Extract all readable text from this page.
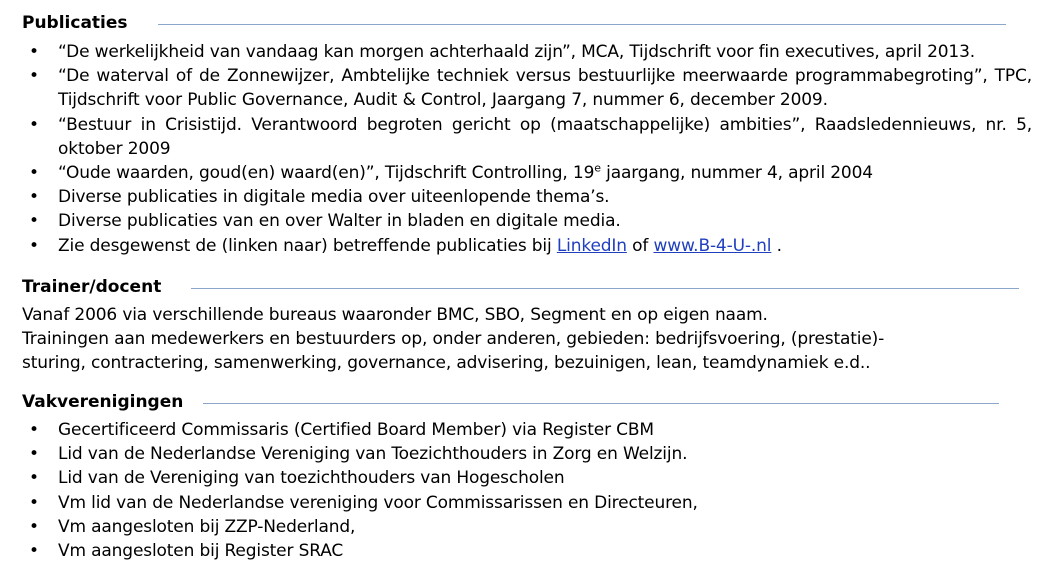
Publicaties
• “De werkelijkheid van vandaag kan morgen achterhaald zijn”, MCA, Tijdschrift voor fin executives, april 2013.
• “De waterval of de Zonnewijzer, Ambtelijke techniek versus bestuurlijke meerwaarde programmabegroting”, TPC, Tijdschrift voor Public Governance, Audit & Control, Jaargang 7, nummer 6, december 2009.
• “Bestuur in Crisistijd. Verantwoord begroten gericht op (maatschappelijke) ambities”, Raadsledennieuws, nr. 5, oktober 2009
• “Oude waarden, goud(en) waard(en)”, Tijdschrift Controlling, 19e jaargang, nummer 4, april 2004
• Diverse publicaties in digitale media over uiteenlopende thema’s.
• Diverse publicaties van en over Walter in bladen en digitale media.
• Zie desgewenst de (linken naar) betreffende publicaties bij LinkedIn of www.B-4-U-.nl .
Trainer/docent
Vanaf 2006 via verschillende bureaus waaronder BMC, SBO, Segment en op eigen naam.
Trainingen aan medewerkers en bestuurders op, onder anderen, gebieden: bedrijfsvoering, (prestatie)-
sturing, contractering, samenwerking, governance, advisering, bezuinigen, lean, teamdynamiek e.d..
Vakverenigingen
• Gecertificeerd Commissaris (Certified Board Member) via Register CBM
• Lid van de Nederlandse Vereniging van Toezichthouders in Zorg en Welzijn.
• Lid van de Vereniging van toezichthouders van Hogescholen
• Vm lid van de Nederlandse vereniging voor Commissarissen en Directeuren,
• Vm aangesloten bij ZZP-Nederland,
• Vm aangesloten bij Register SRAC
